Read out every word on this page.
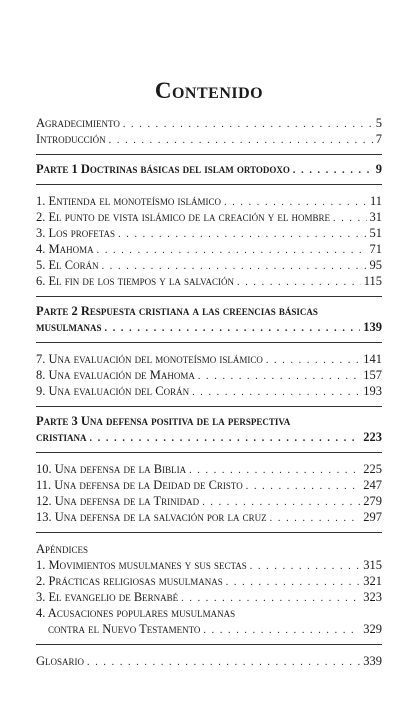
Contenido
Agradecimiento . . .	5
Introducción . . .	7
Parte 1 Doctrinas básicas del islam ortodoxo . . .	9
1. Entienda el monoteísmo islámico . . .	11
2. El punto de vista islámico de la creación y el hombre . . .	31
3. Los profetas . . .	51
4. Mahoma . . .	71
5. El Corán . . .	95
6. El fin de los tiempos y la salvación . . .	115
Parte 2 Respuesta cristiana a las creencias básicas
musulmanas . . .	139
7. Una evaluación del monoteísmo islámico . . .	141
8. Una evaluación de Mahoma . . .	157
9. Una evaluación del Corán . . .	193
Parte 3 Una defensa positiva de la perspectiva
cristiana . . .	223
10. Una defensa de la Biblia . . .	225
11. Una defensa de la Deidad de Cristo . . .	247
12. Una defensa de la Trinidad . . .	279
13. Una defensa de la salvación por la cruz . . .	297
Apéndices
1. Movimientos musulmanes y sus sectas . . .	315
2. Prácticas religiosas musulmanas . . .	321
3. El evangelio de Bernabé . . .	323
4. Acusaciones populares musulmanas
contra el Nuevo Testamento . . .	329
Glosario . . .	339
